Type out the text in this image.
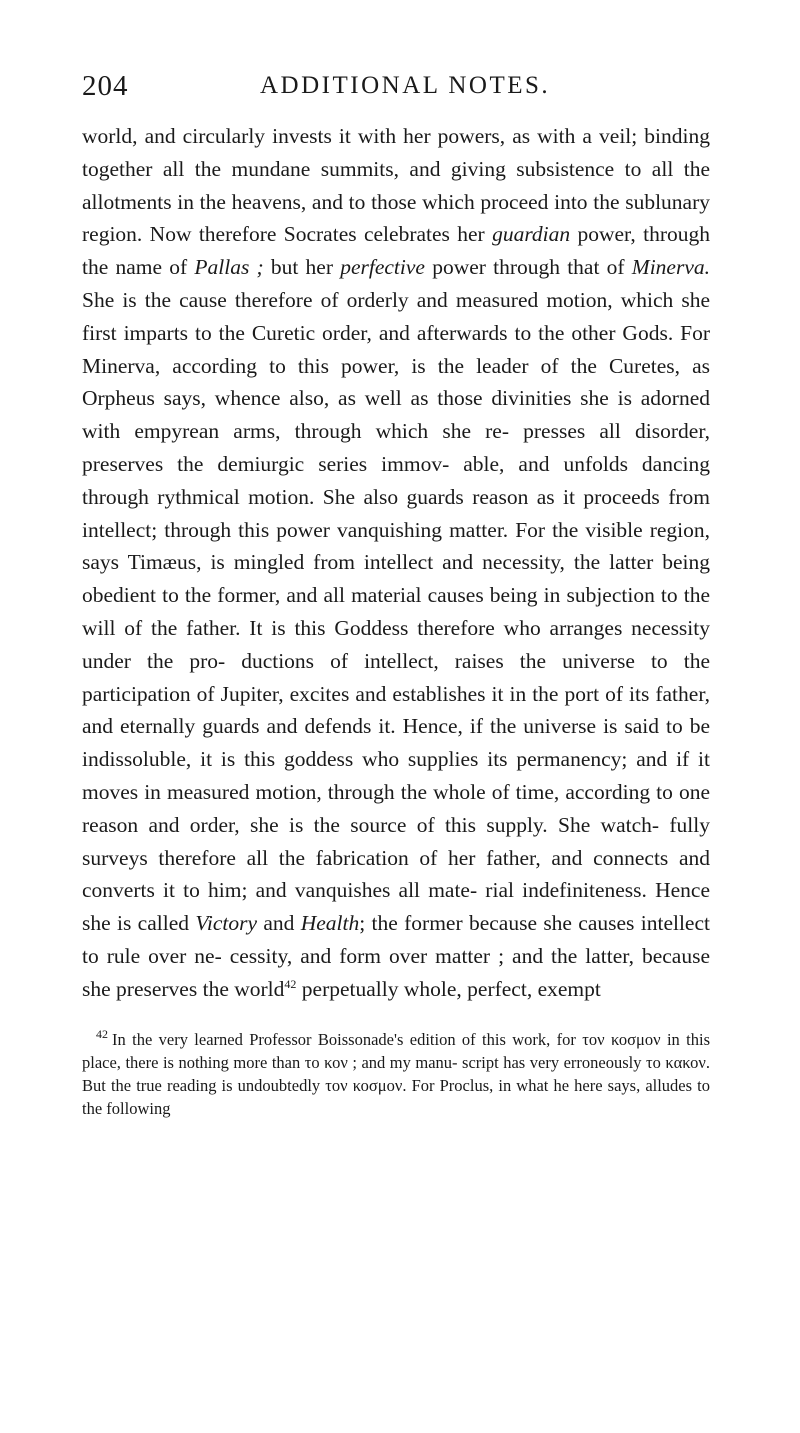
204	ADDITIONAL NOTES.

world, and circularly invests it with her powers, as with a veil; binding together all the mundane summits, and giving subsistence to all the allotments in the heavens, and to those which proceed into the sublunary region. Now therefore Socrates celebrates her guardian power, through the name of Pallas ; but her perfective power through that of Minerva. She is the cause therefore of orderly and measured motion, which she first imparts to the Curetic order, and afterwards to the other Gods. For Minerva, according to this power, is the leader of the Curetes, as Orpheus says, whence also, as well as those divinities she is adorned with empyrean arms, through which she re- presses all disorder, preserves the demiurgic series immov- able, and unfolds dancing through rythmical motion. She also guards reason as it proceeds from intellect; through this power vanquishing matter. For the visible region, says Timæus, is mingled from intellect and necessity, the latter being obedient to the former, and all material causes being in subjection to the will of the father. It is this Goddess therefore who arranges necessity under the pro- ductions of intellect, raises the universe to the participation of Jupiter, excites and establishes it in the port of its father, and eternally guards and defends it. Hence, if the universe is said to be indissoluble, it is this goddess who supplies its permanency; and if it moves in measured motion, through the whole of time, according to one reason and order, she is the source of this supply. She watch- fully surveys therefore all the fabrication of her father, and connects and converts it to him; and vanquishes all mate- rial indefiniteness. Hence she is called Victory and Health; the former because she causes intellect to rule over ne- cessity, and form over matter ; and the latter, because she preserves the world$^{42}$ perpetually whole, perfect, exempt

$^{42}$ In the very learned Professor Boissonade's edition of this work, for τον κοσμον in this place, there is nothing more than το κον ; and my manu- script has very erroneously το κακον. But the true reading is undoubtedly τον κοσμον. For Proclus, in what he here says, alludes to the following
